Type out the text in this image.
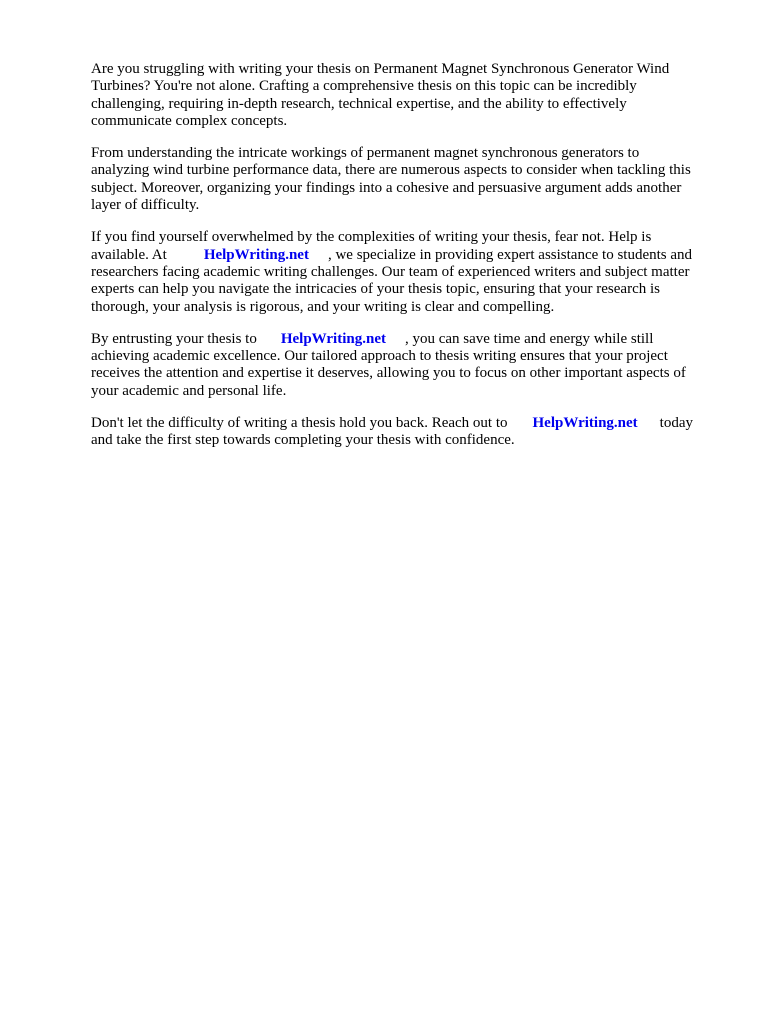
Are you struggling with writing your thesis on Permanent Magnet Synchronous Generator Wind
Turbines? You're not alone. Crafting a comprehensive thesis on this topic can be incredibly
challenging, requiring in-depth research, technical expertise, and the ability to effectively
communicate complex concepts.

From understanding the intricate workings of permanent magnet synchronous generators to
analyzing wind turbine performance data, there are numerous aspects to consider when tackling this
subject. Moreover, organizing your findings into a cohesive and persuasive argument adds another
layer of difficulty.

If you find yourself overwhelmed by the complexities of writing your thesis, fear not. Help is
available. At HelpWriting.net , we specialize in providing expert assistance to students and
researchers facing academic writing challenges. Our team of experienced writers and subject matter
experts can help you navigate the intricacies of your thesis topic, ensuring that your research is
thorough, your analysis is rigorous, and your writing is clear and compelling.

By entrusting your thesis to HelpWriting.net , you can save time and energy while still
achieving academic excellence. Our tailored approach to thesis writing ensures that your project
receives the attention and expertise it deserves, allowing you to focus on other important aspects of
your academic and personal life.

Don't let the difficulty of writing a thesis hold you back. Reach out to HelpWriting.net today
and take the first step towards completing your thesis with confidence.
